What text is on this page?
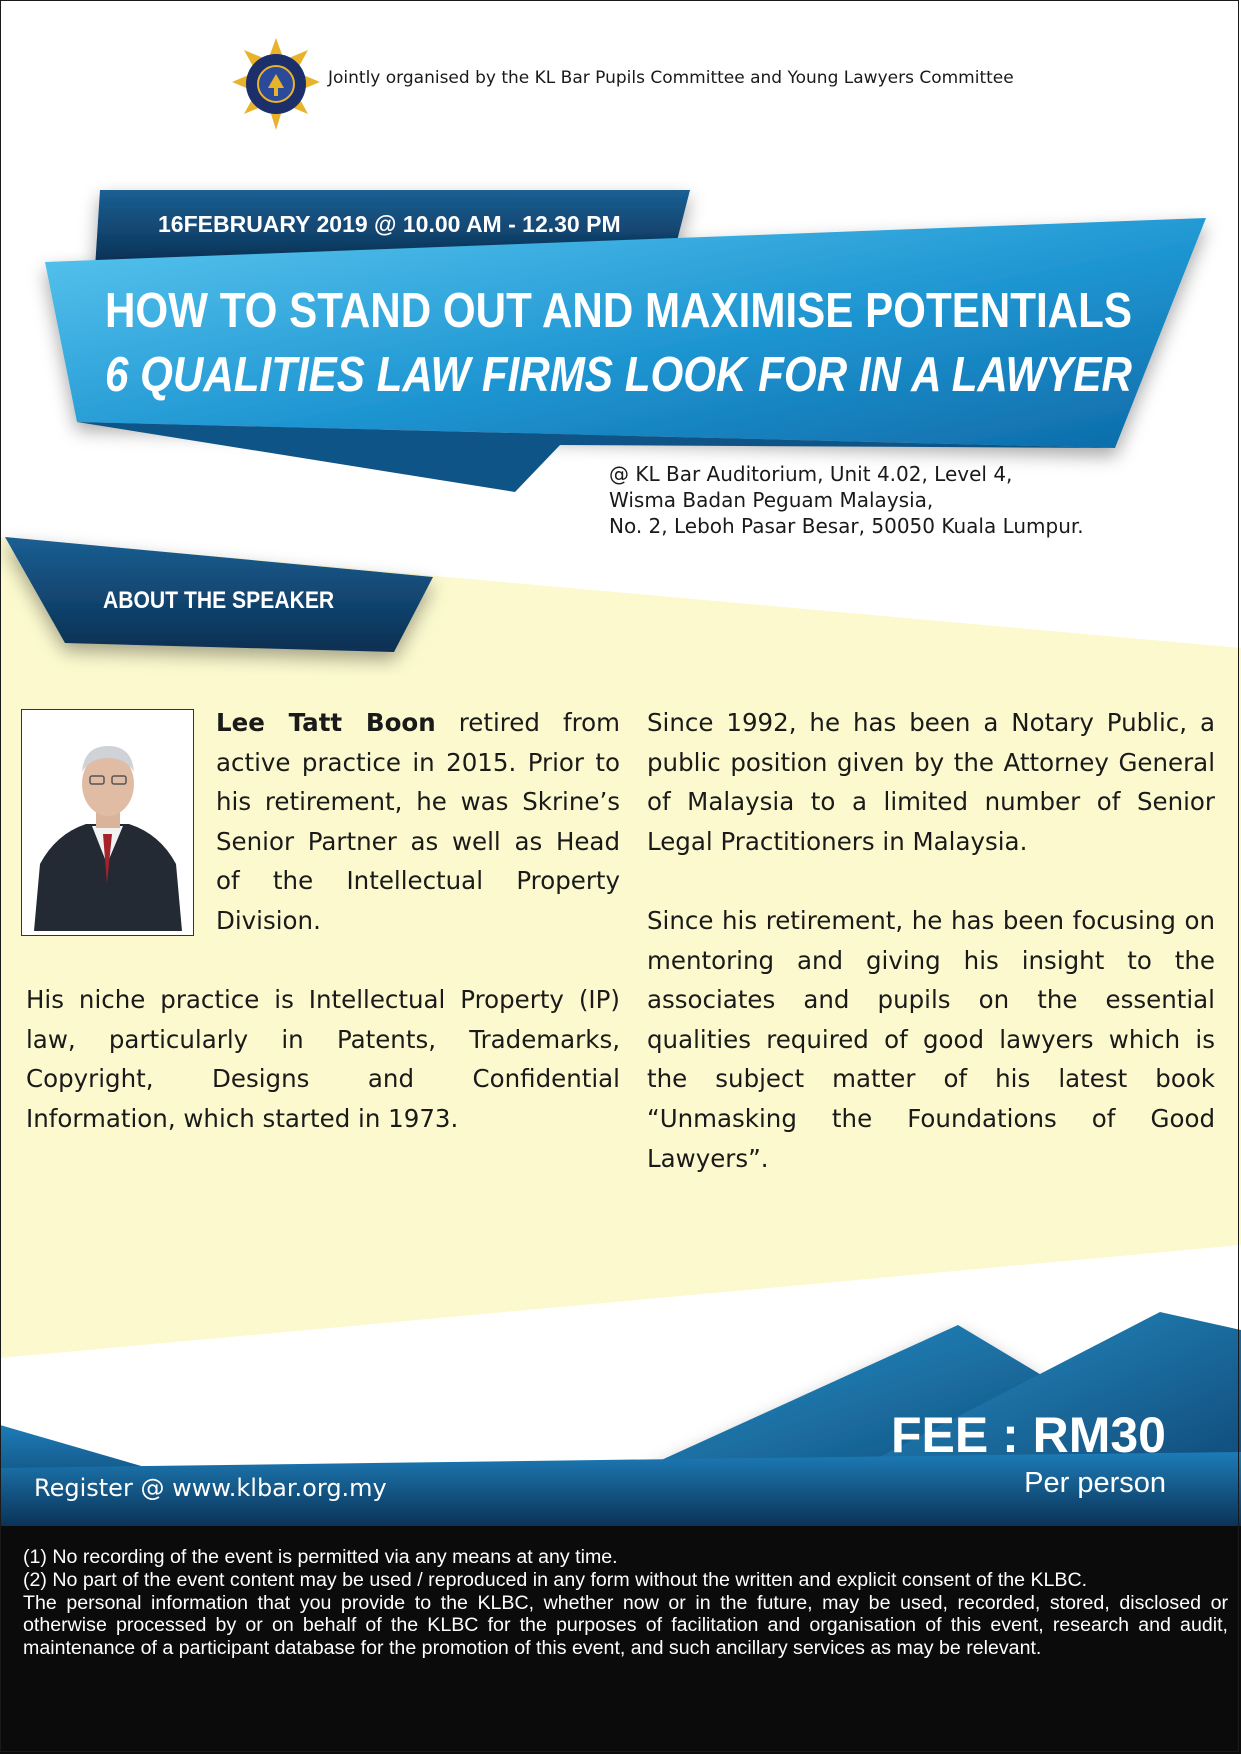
Jointly organised by the KL Bar Pupils Committee and Young Lawyers Committee
16FEBRUARY 2019 @ 10.00 AM - 12.30 PM
HOW TO STAND OUT AND MAXIMISE POTENTIALS
6 QUALITIES LAW FIRMS LOOK FOR IN A LAWYER
@ KL Bar Auditorium, Unit 4.02, Level 4,
Wisma Badan Peguam Malaysia,
No. 2, Leboh Pasar Besar, 50050 Kuala Lumpur.
ABOUT THE SPEAKER
Lee Tatt Boon retired from active practice in 2015. Prior to his retirement, he was Skrine’s Senior Partner as well as Head of the Intellectual Property Division.
His niche practice is Intellectual Property (IP) law, particularly in Patents, Trademarks, Copyright, Designs and Confidential Information, which started in 1973.
Since 1992, he has been a Notary Public, a public position given by the Attorney General of Malaysia to a limited number of Senior Legal Practitioners in Malaysia.
Since his retirement, he has been focusing on mentoring and giving his insight to the associates and pupils on the essential qualities required of good lawyers which is the subject matter of his latest book “Unmasking the Foundations of Good Lawyers”.
Register @ www.klbar.org.my
FEE : RM30
Per person
(1) No recording of the event is permitted via any means at any time.
(2) No part of the event content may be used / reproduced in any form without the written and explicit consent of the KLBC.
The personal information that you provide to the KLBC, whether now or in the future, may be used, recorded, stored, disclosed or otherwise processed by or on behalf of the KLBC for the purposes of facilitation and organisation of this event, research and audit, maintenance of a participant database for the promotion of this event, and such ancillary services as may be relevant.
